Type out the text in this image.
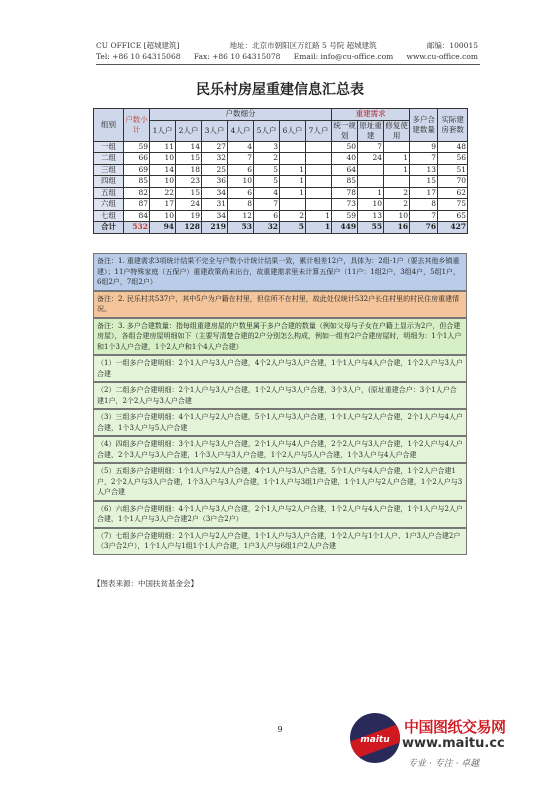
CU OFFICE [超城建筑]	地址：北京市朝阳区万红路 5 号院 超城建筑	邮编：100015
Tel: +86 10 64315068 Fax: +86 10 64315078 Email: info@cu-office.com www.cu-office.com
民乐村房屋重建信息汇总表
组别	户数小计	户数细分							重建需求			多户合建数量	实际建房套数
		1人户	2人户	3人户	4人户	5人户	6人户	7人户	统一规划	原址重建	修复使用		
一组	59	11	14	27	4	3			50	7		9	48
二组	66	10	15	32	7	2			40	24	1	7	56
三组	69	14	18	25	6	5	1		64		1	13	51
四组	85	10	23	36	10	5	1		85			15	70
五组	82	22	15	34	6	4	1		78	1	2	17	62
六组	87	17	24	31	8	7			73	10	2	8	75
七组	84	10	19	34	12	6	2	1	59	13	10	7	65
合计	532	94	128	219	53	32	5	1	449	55	16	76	427
备注：1. 重建需求3项统计结果不完全与户数小计统计结果一致，累计相差12户，具体为：2组-1户（要去其他乡镇重建）；11户特殊家庭（五保户）重建政策尚未出台，故重建需求里未计算五保户（11户：1组2户，3组4户，5组1户，6组2户，7组2户）
备注：2. 民乐村共537户，其中5户为户籍在村里，但住所不在村里，故此处仅统计532户长住村里的村民住房重建情况。
备注：3. 多户合建数量：指每组重建房屋的户数里属于多户合建的数量（例如父母与子女在户籍上显示为2户，但合建房屋），各组合建房屋明细如下（主要写清楚合建的2户分别怎么构成，例如一组有2户合建房屋时，明细为：1个1人户和1个3人户合建，1个2人户和1个4人户合建）
（1）一组多户合建明细：2个1人户与3人户合建，4个2人户与3人户合建，1个1人户与4人户合建，1个2人户与3人户合建
（2）二组多户合建明细：2个1人户与3人户合建，1个2人户与3人户合建，3个3人户，(原址重建合户：3个1人户合建1户，2个2人户与3人户合建
（3）三组多户合建明细：4个1人户与2人户合建，5个1人户与3人户合建，1个1人户与2人户合建，2个1人户与4人户合建，1个3人户与5人户合建
（4）四组多户合建明细：3个1人户与3人户合建，2个1人户与4人户合建，2个2人户与3人户合建，1个2人户与4人户合建，2个3人户与3人户合建，1个3人户与3人户合建，1个2人户与5人户合建，1个3人户与4人户合建
（5）五组多户合建明细：1个1人户与2人户合建，4个1人户与3人户合建，5个1人户与4人户合建，1个2人户合建1户，2个2人户与3人户合建，1个3人户与3人户合建，1个1人户与3组1户合建，1个1人户与2人户合建，1个2人户与3人户合建
（6）六组多户合建明细：4个1人户与3人户合建，2个1人户与2人户合建，1个2人户与4人户合建，1个1人户与2人户合建，1个1人户与3人户合建2户（3户合2户）
（7）七组多户合建明细：2个1人户与2人户合建，1个1人户与3人户合建，1个2人户与1个1人户、1户3人户合建2户（3户合2户），1个1人户与1组1个1人户合建，1户3人户与6组1户2人户合建
【图表来源：中国扶贫基金会】
9
maitu
中国图纸交易网
www.maitu.cc
专业 · 专注 · 卓越
